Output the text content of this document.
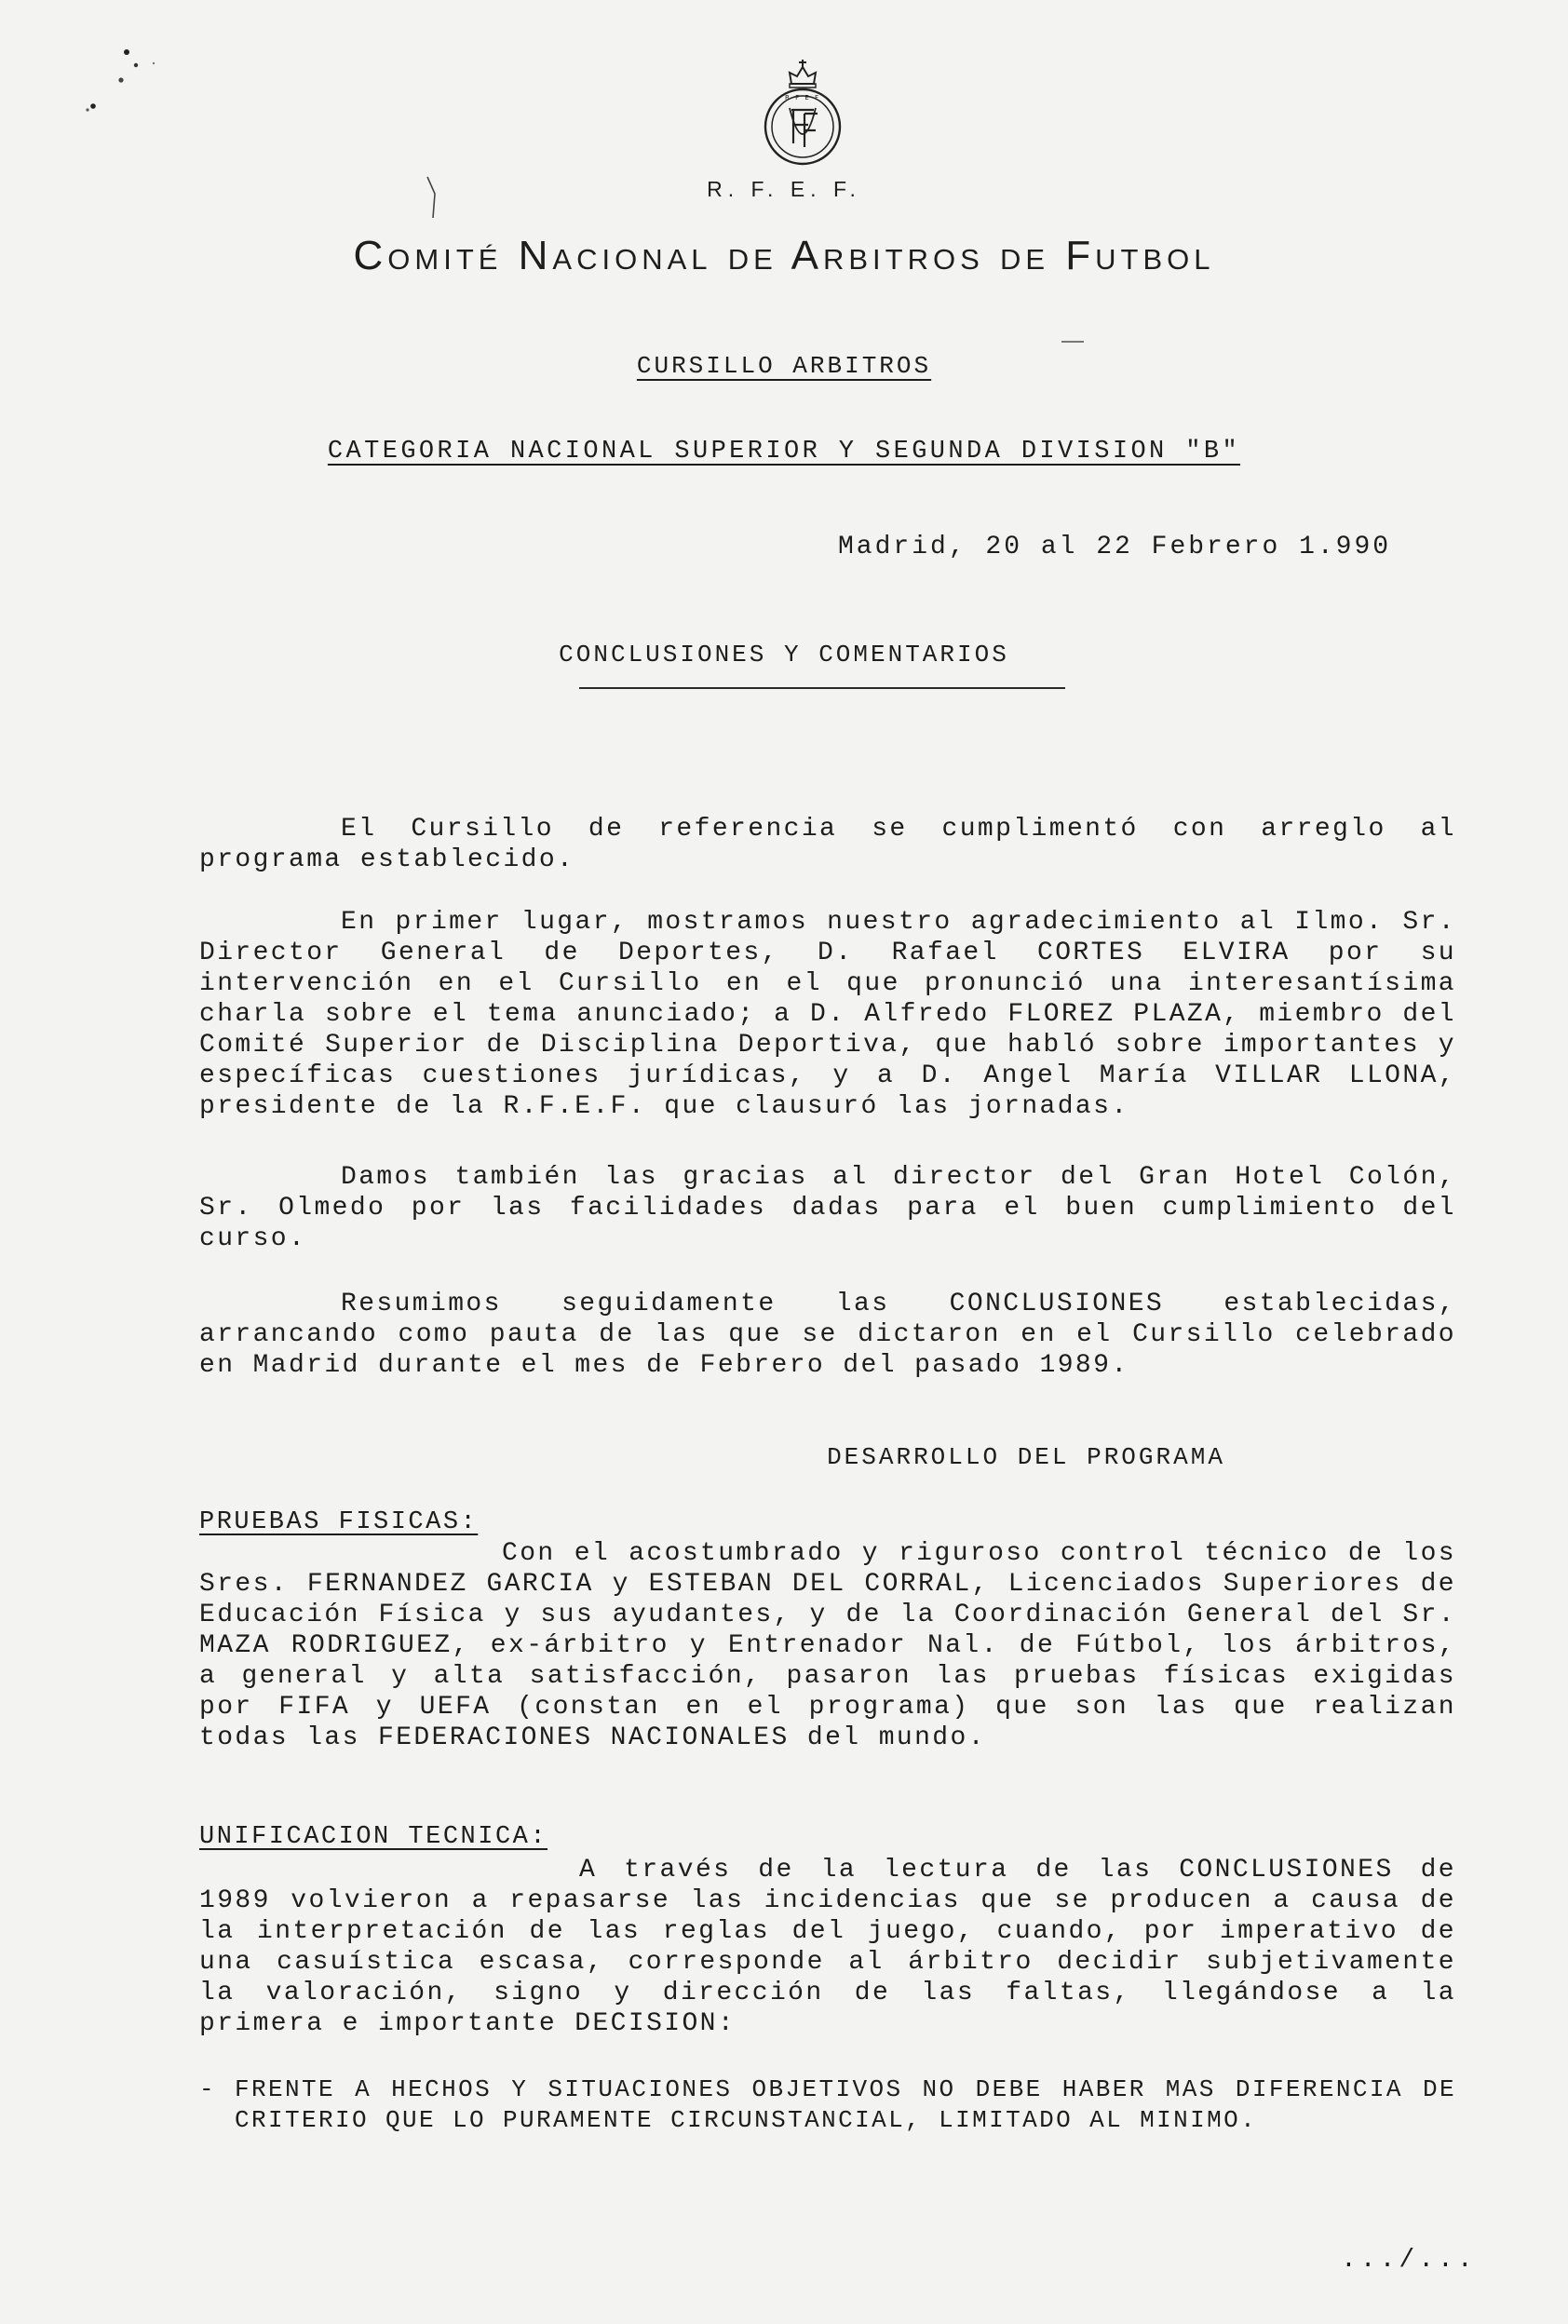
R F E F
R. F. E. F.
Comité Nacional de Arbitros de Futbol
CURSILLO ARBITROS
CATEGORIA NACIONAL SUPERIOR Y SEGUNDA DIVISION "B"
Madrid, 20 al 22 Febrero 1.990
CONCLUSIONES Y COMENTARIOS

El Cursillo de referencia se cumplimentó con arreglo al programa establecido.

En primer lugar, mostramos nuestro agradecimiento al Ilmo. Sr. Director General de Deportes, D. Rafael CORTES ELVIRA por su intervención en el Cursillo en el que pronunció una interesantísima charla sobre el tema anunciado; a D. Alfredo FLOREZ PLAZA, miembro del Comité Superior de Disciplina Deportiva, que habló sobre importantes y específicas cuestiones jurídicas, y a D. Angel María VILLAR LLONA, presidente de la R.F.E.F. que clausuró las jornadas.

Damos también las gracias al director del Gran Hotel Colón, Sr. Olmedo por las facilidades dadas para el buen cumplimiento del curso.

Resumimos seguidamente las CONCLUSIONES establecidas, arrancando como pauta de las que se dictaron en el Cursillo celebrado en Madrid durante el mes de Febrero del pasado 1989.

DESARROLLO DEL PROGRAMA
PRUEBAS FISICAS:

Con el acostumbrado y riguroso control técnico de los Sres. FERNANDEZ GARCIA y ESTEBAN DEL CORRAL, Licenciados Superiores de Educación Física y sus ayudantes, y de la Coordinación General del Sr. MAZA RODRIGUEZ, ex-árbitro y Entrenador Nal. de Fútbol, los árbitros, a general y alta satisfacción, pasaron las pruebas físicas exigidas por FIFA y UEFA (constan en el programa) que son las que realizan todas las FEDERACIONES NACIONALES del mundo.

UNIFICACION TECNICA:

A través de la lectura de las CONCLUSIONES de 1989 volvieron a repasarse las incidencias que se producen a causa de la interpretación de las reglas del juego, cuando, por imperativo de una casuística escasa, corresponde al árbitro decidir subjetivamente la valoración, signo y dirección de las faltas, llegándose a la primera e importante DECISION:

- FRENTE A HECHOS Y SITUACIONES OBJETIVOS NO DEBE HABER MAS DIFERENCIA DE CRITERIO QUE LO PURAMENTE CIRCUNSTANCIAL, LIMITADO AL MINIMO.
.../...
